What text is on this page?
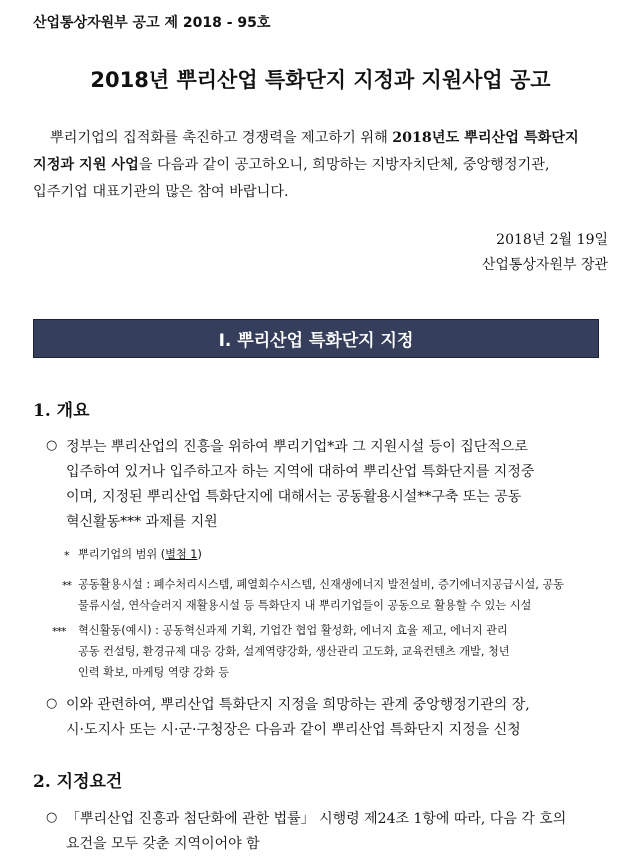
산업통상자원부 공고 제 2018 - 95호
2018년 뿌리산업 특화단지 지정과 지원사업 공고
뿌리기업의 집적화를 촉진하고 경쟁력을 제고하기 위해 2018년도 뿌리산업 특화단지
지정과 지원 사업을 다음과 같이 공고하오니, 희망하는 지방자치단체, 중앙행정기관,
입주기업 대표기관의 많은 참여 바랍니다.
2018년 2월 19일
산업통상자원부 장관
Ⅰ. 뿌리산업 특화단지 지정
1. 개요
○ 정부는 뿌리산업의 진흥을 위하여 뿌리기업*과 그 지원시설 등이 집단적으로
입주하여 있거나 입주하고자 하는 지역에 대하여 뿌리산업 특화단지를 지정중
이며, 지정된 뿌리산업 특화단지에 대해서는 공동활용시설**구축 또는 공동
혁신활동*** 과제를 지원
* 뿌리기업의 범위 (별첨 1)
** 공동활용시설 : 폐수처리시스템, 폐열회수시스템, 신재생에너지 발전설비, 증기에너지공급시설, 공동
물류시설, 연삭슬러지 재활용시설 등 특화단지 내 뿌리기업들이 공동으로 활용할 수 있는 시설
*** 혁신활동(예시) : 공동혁신과제 기획, 기업간 협업 활성화, 에너지 효율 제고, 에너지 관리
공동 컨설팅, 환경규제 대응 강화, 설계역량강화, 생산관리 고도화, 교육컨텐츠 개발, 청년
인력 확보, 마케팅 역량 강화 등
○ 이와 관련하여, 뿌리산업 특화단지 지정을 희망하는 관계 중앙행정기관의 장,
시·도지사 또는 시·군·구청장은 다음과 같이 뿌리산업 특화단지 지정을 신청
2. 지정요건
○ 「뿌리산업 진흥과 첨단화에 관한 법률」 시행령 제24조 1항에 따라, 다음 각 호의
요건을 모두 갖춘 지역이어야 함
